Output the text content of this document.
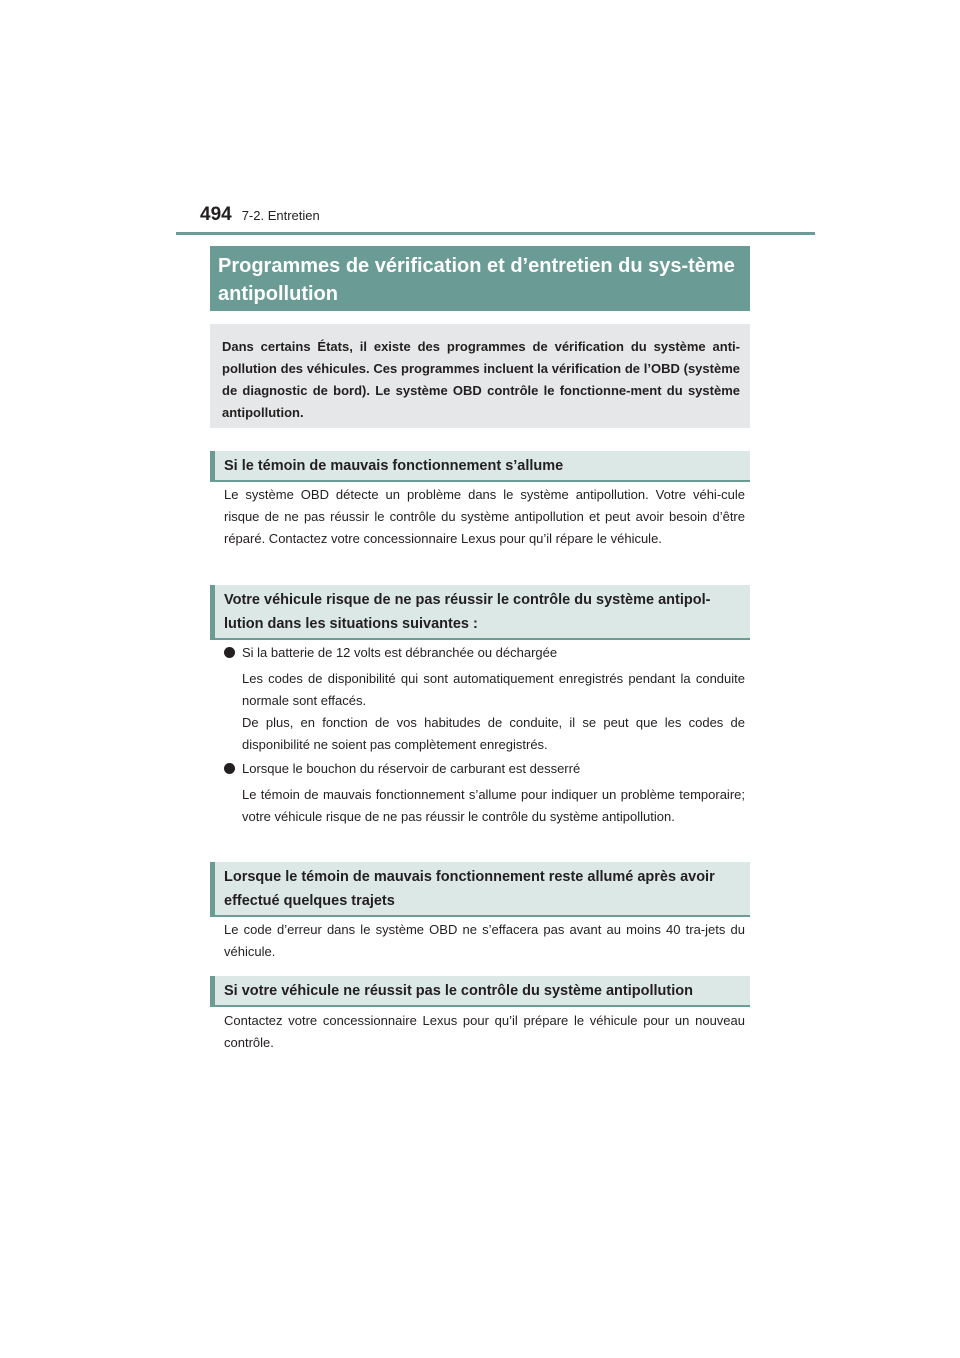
494 7-2. Entretien

Programmes de vérification et d’entretien du sys-tème antipollution

Dans certains États, il existe des programmes de vérification du système anti-pollution des véhicules. Ces programmes incluent la vérification de l’OBD (système de diagnostic de bord). Le système OBD contrôle le fonctionne-ment du système antipollution.

Si le témoin de mauvais fonctionnement s’allume

Le système OBD détecte un problème dans le système antipollution. Votre véhi-cule risque de ne pas réussir le contrôle du système antipollution et peut avoir besoin d’être réparé. Contactez votre concessionnaire Lexus pour qu’il répare le véhicule.

Votre véhicule risque de ne pas réussir le contrôle du système antipol-lution dans les situations suivantes :

Si la batterie de 12 volts est débranchée ou déchargée

Les codes de disponibilité qui sont automatiquement enregistrés pendant la conduite normale sont effacés.

De plus, en fonction de vos habitudes de conduite, il se peut que les codes de disponibilité ne soient pas complètement enregistrés.

Lorsque le bouchon du réservoir de carburant est desserré

Le témoin de mauvais fonctionnement s’allume pour indiquer un problème temporaire; votre véhicule risque de ne pas réussir le contrôle du système antipollution.

Lorsque le témoin de mauvais fonctionnement reste allumé après avoir effectué quelques trajets

Le code d’erreur dans le système OBD ne s’effacera pas avant au moins 40 tra-jets du véhicule.

Si votre véhicule ne réussit pas le contrôle du système antipollution

Contactez votre concessionnaire Lexus pour qu’il prépare le véhicule pour un nouveau contrôle.
